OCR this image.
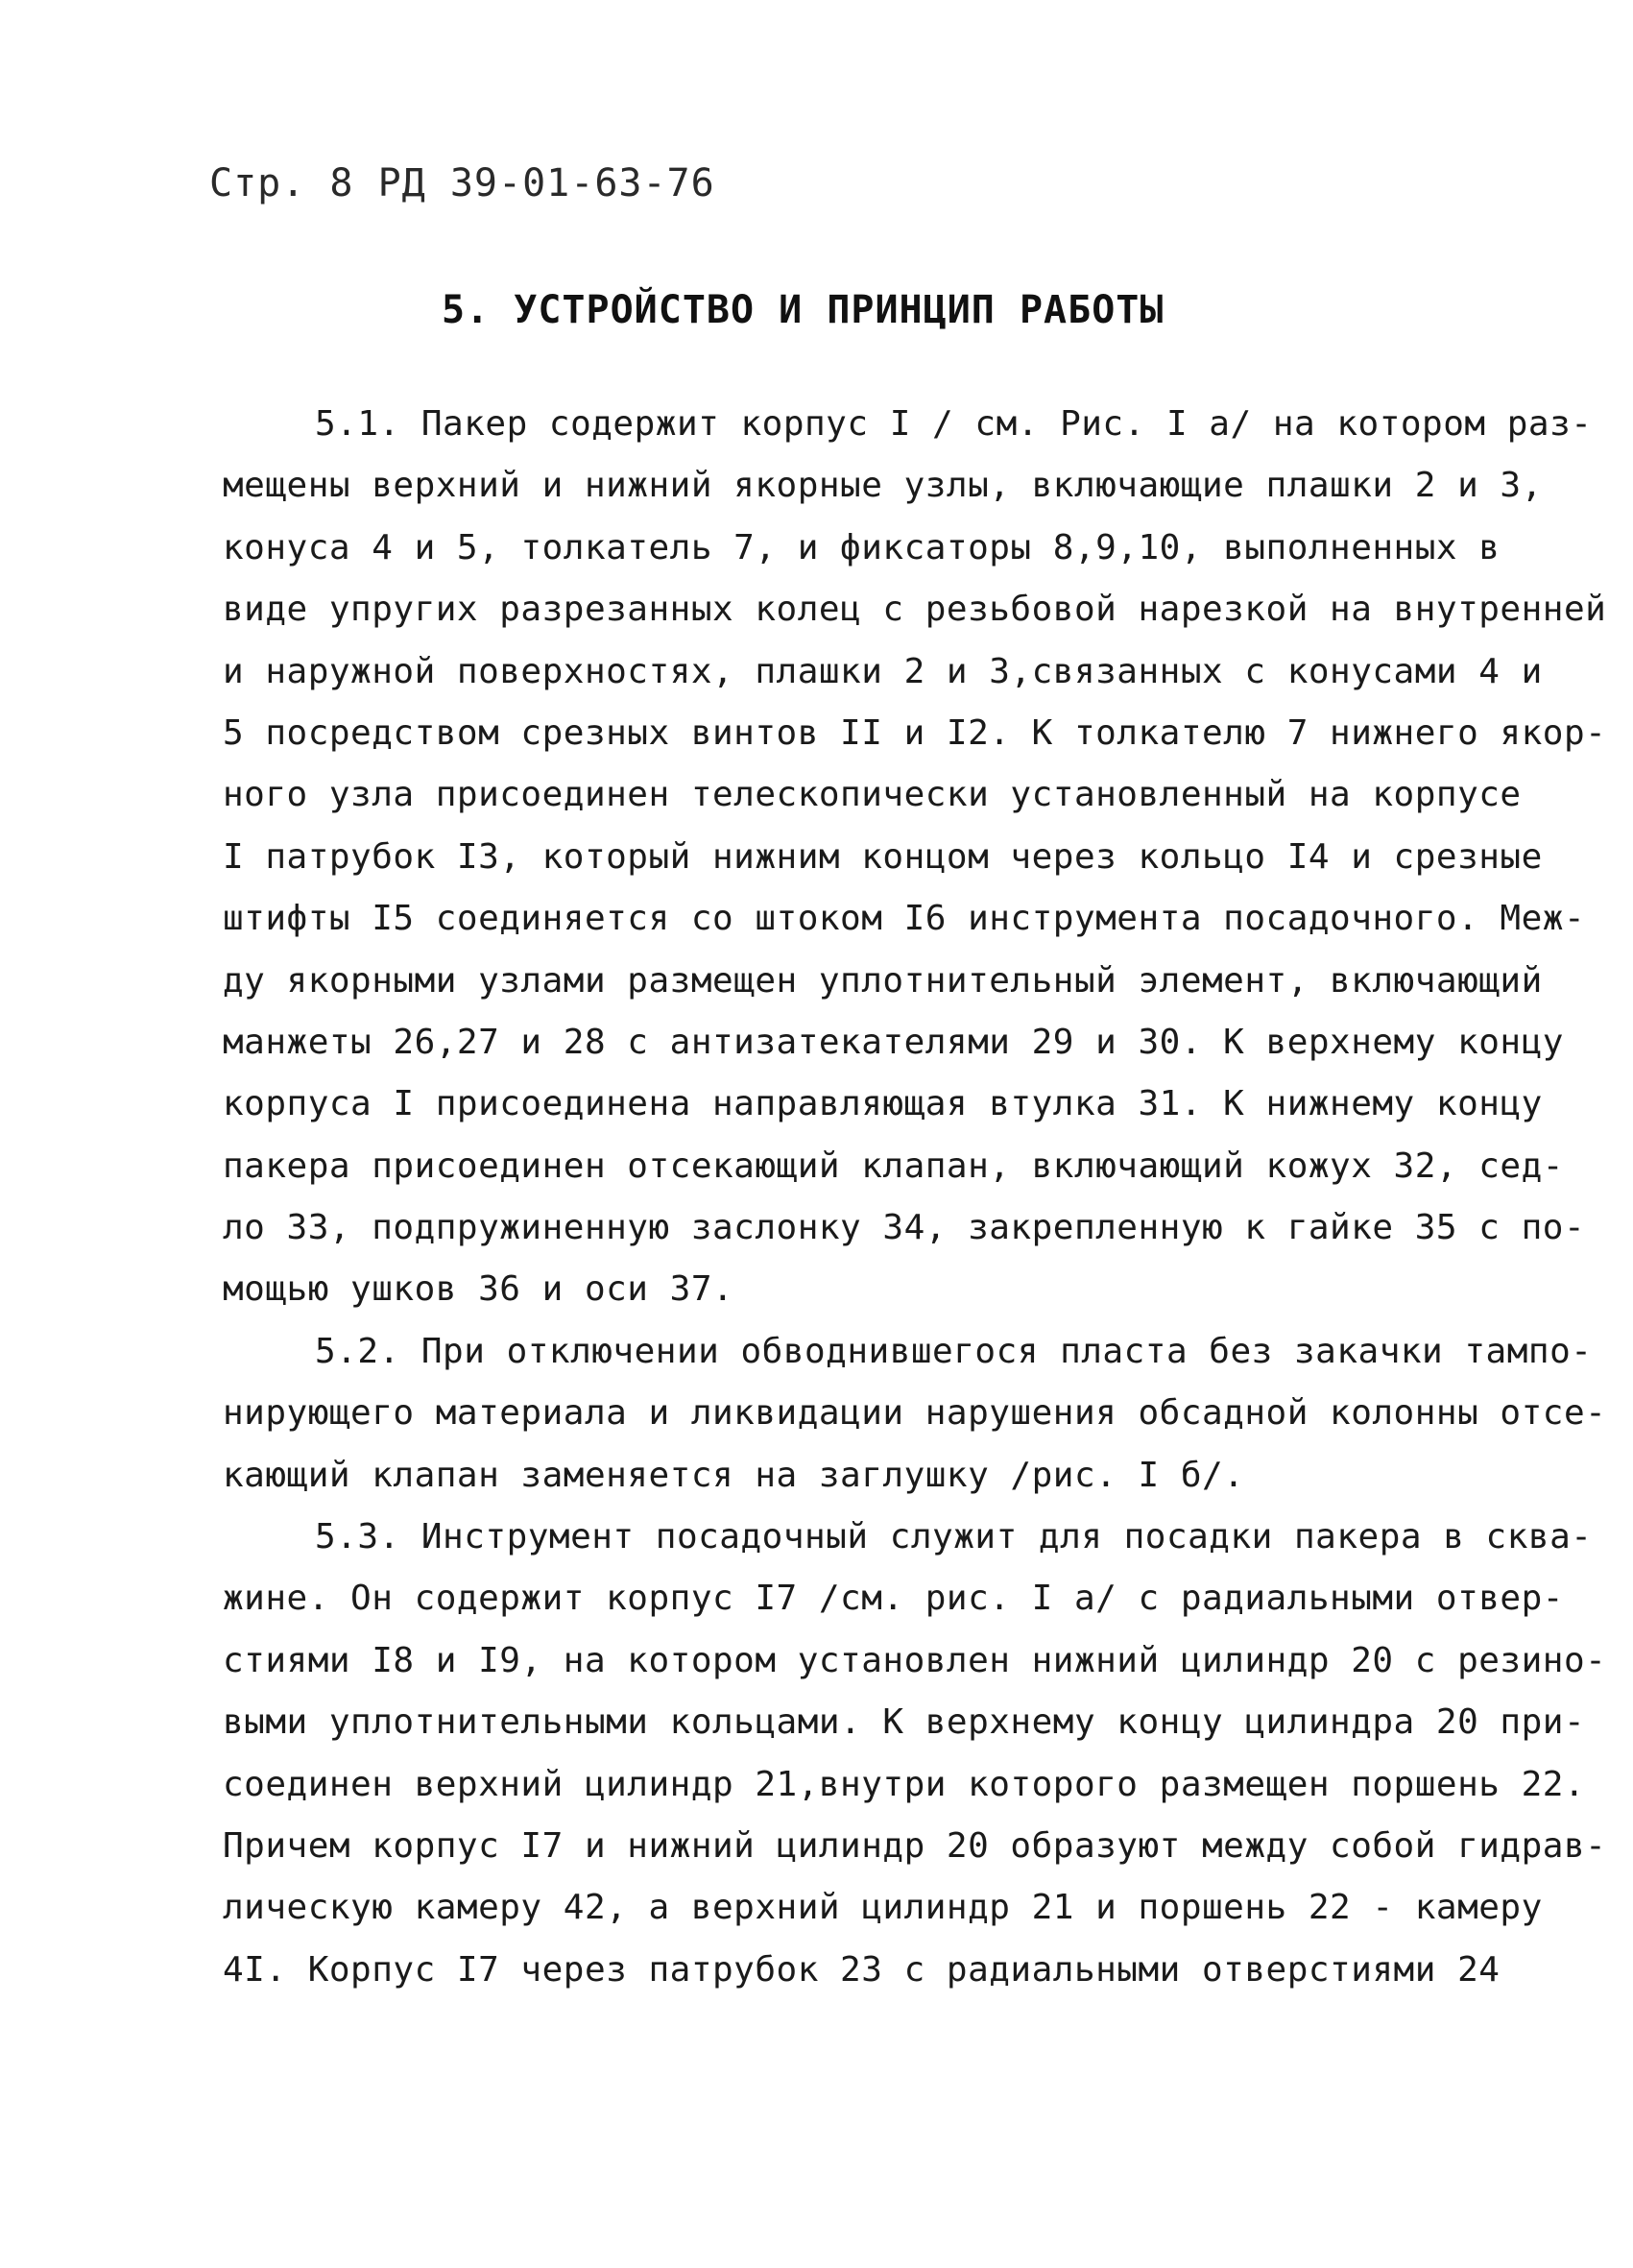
Стр. 8 РД 39-01-63-76
5. УСТРОЙСТВО И ПРИНЦИП РАБОТЫ
5.1. Пакер содержит корпус I / см. Рис. I а/ на котором раз-
мещены верхний и нижний якорные узлы, включающие плашки 2 и 3,
конуса 4 и 5, толкатель 7, и фиксаторы 8,9,10, выполненных в
виде упругих разрезанных колец с резьбовой нарезкой на внутренней
и наружной поверхностях, плашки 2 и 3,связанных с конусами 4 и
5 посредством срезных винтов II и I2. К толкателю 7 нижнего якор-
ного узла присоединен телескопически установленный на корпусе
I патрубок I3, который нижним концом через кольцо I4 и срезные
штифты I5 соединяется со штоком I6 инструмента посадочного. Меж-
ду якорными узлами размещен уплотнительный элемент, включающий
манжеты 26,27 и 28 с антизатекателями 29 и 30. К верхнему концу
корпуса I присоединена направляющая втулка 31. К нижнему концу
пакера присоединен отсекающий клапан, включающий кожух 32, сед-
ло 33, подпружиненную заслонку 34, закрепленную к гайке 35 с по-
мощью ушков 36 и оси 37.
5.2. При отключении обводнившегося пласта без закачки тампо-
нирующего материала и ликвидации нарушения обсадной колонны отсе-
кающий клапан заменяется на заглушку /рис. I б/.
5.3. Инструмент посадочный служит для посадки пакера в сква-
жине. Он содержит корпус I7 /см. рис. I а/ с радиальными отвер-
стиями I8 и I9, на котором установлен нижний цилиндр 20 с резино-
выми уплотнительными кольцами. К верхнему концу цилиндра 20 при-
соединен верхний цилиндр 21,внутри которого размещен поршень 22.
Причем корпус I7 и нижний цилиндр 20 образуют между собой гидрав-
лическую камеру 42, а верхний цилиндр 21 и поршень 22 - камеру
4I. Корпус I7 через патрубок 23 с радиальными отверстиями 24
